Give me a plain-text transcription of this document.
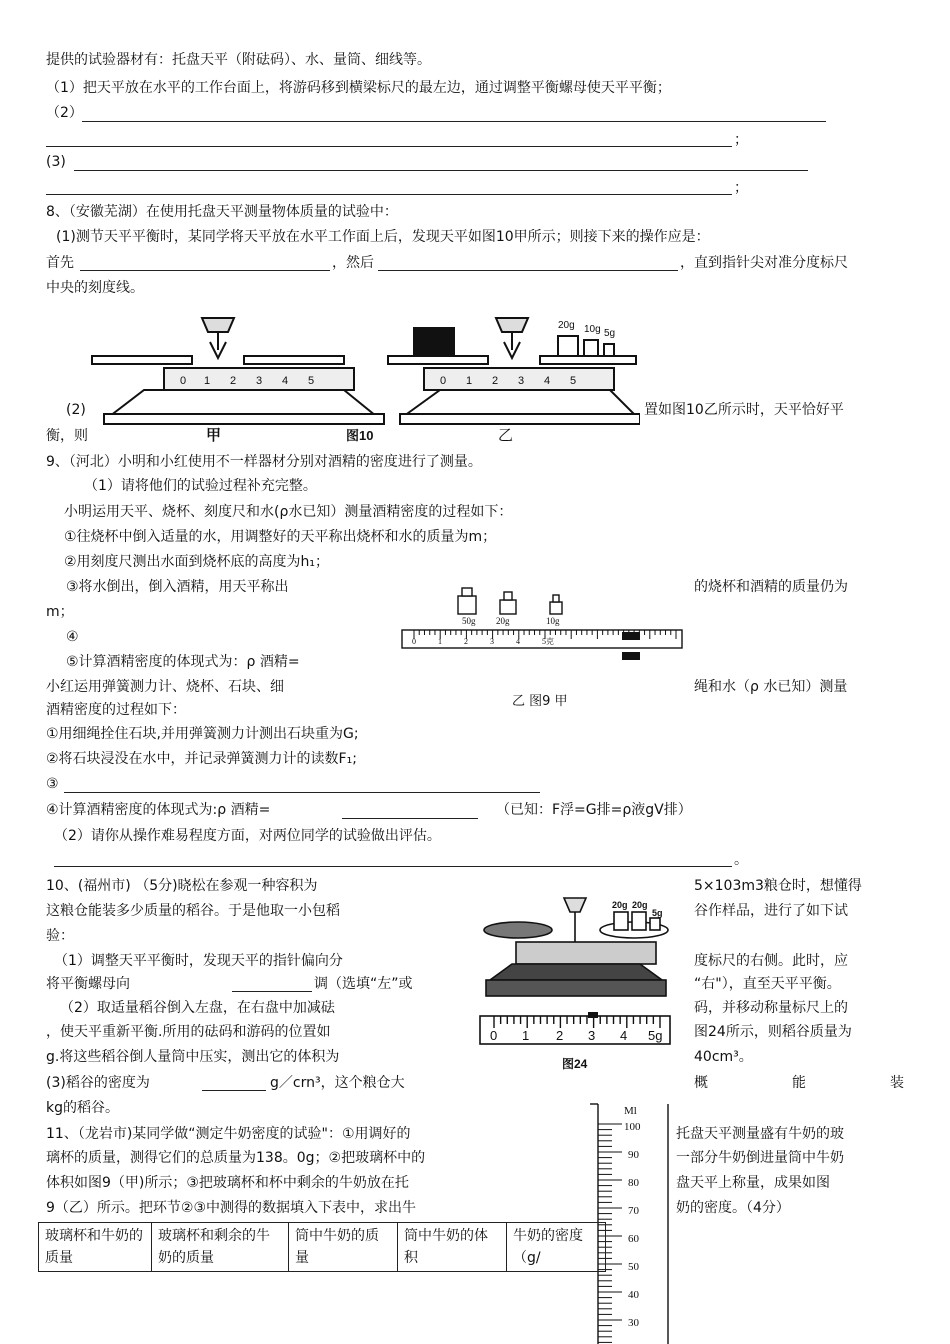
提供的试验器材有：托盘天平（附砝码）、水、量筒、细线等。
（1）把天平放在水平的工作台面上，将游码移到横梁标尺的最左边，通过调整平衡螺母使天平平衡；
（2）
；
(3)
；
8、（安徽芜湖）在使用托盘天平测量物体质量的试验中：
(1)测节天平平衡时，某同学将天平放在水平工作面上后，发现天平如图10甲所示；则接下来的操作应是：
首先	，然后	，直到指针尖对准分度标尺
中央的刻度线。
0 1 2 3 4 5
20g 10g 5g
0 1 2 3 4 5
甲	图10	乙
(2)	置如图10乙所示时，天平恰好平
衡，则
9、（河北）小明和小红使用不一样器材分别对酒精的密度进行了测量。
（1）请将他们的试验过程补充完整。
小明运用天平、烧杯、刻度尺和水(ρ水已知）测量酒精密度的过程如下：
①往烧杯中倒入适量的水，用调整好的天平称出烧杯和水的质量为m；
②用刻度尺测出水面到烧杯底的高度为h₁；
③将水倒出，倒入酒精，用天平称出	的烧杯和酒精的质量仍为
m；
④
⑤计算酒精密度的体现式为：ρ 酒精=
小红运用弹簧测力计、烧杯、石块、细	绳和水（ρ 水已知）测量
酒精密度的过程如下：
50g 20g	10g
0	1	2	3	4	5克
乙 图9 甲
①用细绳拴住石块,并用弹簧测力计测出石块重为G;
②将石块浸没在水中，并记录弹簧测力计的读数F₁;
③
④计算酒精密度的体现式为:ρ 酒精=	（已知：F浮=G排=ρ液gV排）
（2）请你从操作难易程度方面，对两位同学的试验做出评估。
。
10、(福州市) （5分)晓松在参观一种容积为	5×103m3粮仓时，想懂得
这粮仓能装多少质量的稻谷。于是他取一小包稻	谷作样品，进行了如下试
验：
（1）调整天平平衡时，发现天平的指针偏向分	度标尺的右侧。此时，应
将平衡螺母向	调（选填“左”或	“右"），直至天平平衡。
（2）取适量稻谷倒入左盘，在右盘中加减砝	码，并移动称量标尺上的
，使天平重新平衡.所用的砝码和游码的位置如	图24所示，则稻谷质量为
g.将这些稻谷倒人量筒中压实，测出它的体积为	40cm³。
(3)稻谷的密度为	g／crn³，这个粮仓大	概	能	装
kg的稻谷。
20g 20g
5g
0 1 2 3 4 5g
图24
11、（龙岩市)某同学做“测定牛奶密度的试验"：①用调好的	托盘天平测量盛有牛奶的玻
璃杯的质量，测得它们的总质量为138。0g；②把玻璃杯中的	一部分牛奶倒进量筒中牛奶
体积如图9（甲)所示；③把玻璃杯和杯中剩余的牛奶放在托	盘天平上称量，成果如图
9（乙）所示。把环节②③中测得的数据填入下表中，求出牛	奶的密度。（4分）
Ml
100
90
80
70
60
50
40
30
玻璃杯和牛奶的质量	玻璃杯和剩余的牛奶的质量	筒中牛奶的质量	筒中牛奶的体积	牛奶的密度（g/
